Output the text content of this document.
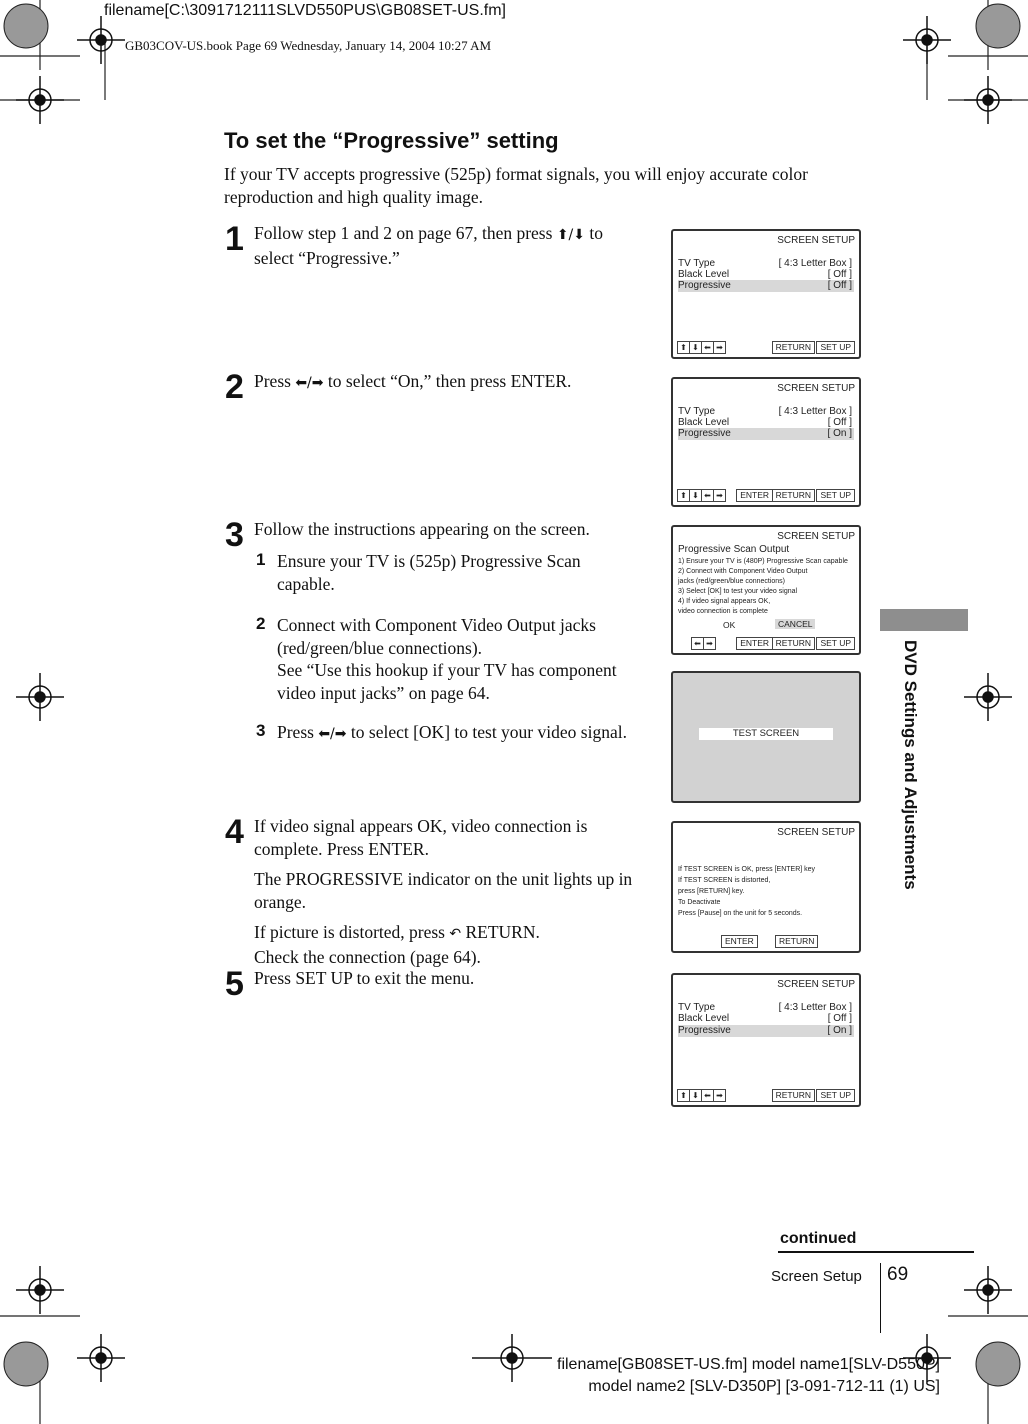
filename[C:\3091712111SLVD550PUS\GB08SET-US.fm]
GB03COV-US.book Page 69 Wednesday, January 14, 2004 10:27 AM
DVD Settings and Adjustments
To set the “Progressive” setting
If your TV accepts progressive (525p) format signals, you will enjoy accurate color reproduction and high quality image.
1 Follow step 1 and 2 on page 67, then press ⬆/⬇ to select “Progressive.”
2 Press ⬅/➡ to select “On,” then press ENTER.
3 Follow the instructions appearing on the screen.
1 Ensure your TV is (525p) Progressive Scan capable.
2 Connect with Component Video Output jacks (red/green/blue connections).
See “Use this hookup if your TV has component video input jacks” on page 64.
3 Press ⬅/➡ to select [OK] to test your video signal.
4 If video signal appears OK, video connection is complete. Press ENTER.
The PROGRESSIVE indicator on the unit lights up in orange.
If picture is distorted, press ↶ RETURN.
Check the connection (page 64).
5 Press SET UP to exit the menu.
SCREEN SETUP
TV Type	[ 4:3 Letter Box ]
Black Level	[ Off ]
Progressive	[ Off ]
⬆ ⬇ ⬅ ➡	RETURN	SET UP
SCREEN SETUP
TV Type	[ 4:3 Letter Box ]
Black Level	[ Off ]
Progressive	[ On ]
⬆ ⬇ ⬅ ➡	ENTER RETURN	SET UP
SCREEN SETUP
Progressive Scan Output
1) Ensure your TV is (480P) Progressive Scan capable
2) Connect with Component Video Output
jacks (red/green/blue connections)
3) Select [OK] to test your video signal
4) If video signal appears OK,
video connection is complete
OK	CANCEL
⬅ ➡	ENTER RETURN	SET UP
TEST SCREEN
SCREEN SETUP
If TEST SCREEN is OK, press [ENTER] key
If TEST SCREEN is distorted,
press [RETURN] key.
To Deactivate
Press [Pause] on the unit for 5 seconds.
ENTER	RETURN
SCREEN SETUP
TV Type	[ 4:3 Letter Box ]
Black Level	[ Off ]
Progressive	[ On ]
⬆ ⬇ ⬅ ➡	RETURN	SET UP
continued
Screen Setup 69
filename[GB08SET-US.fm] model name1[SLV-D550P]
model name2 [SLV-D350P] [3-091-712-11 (1) US]
